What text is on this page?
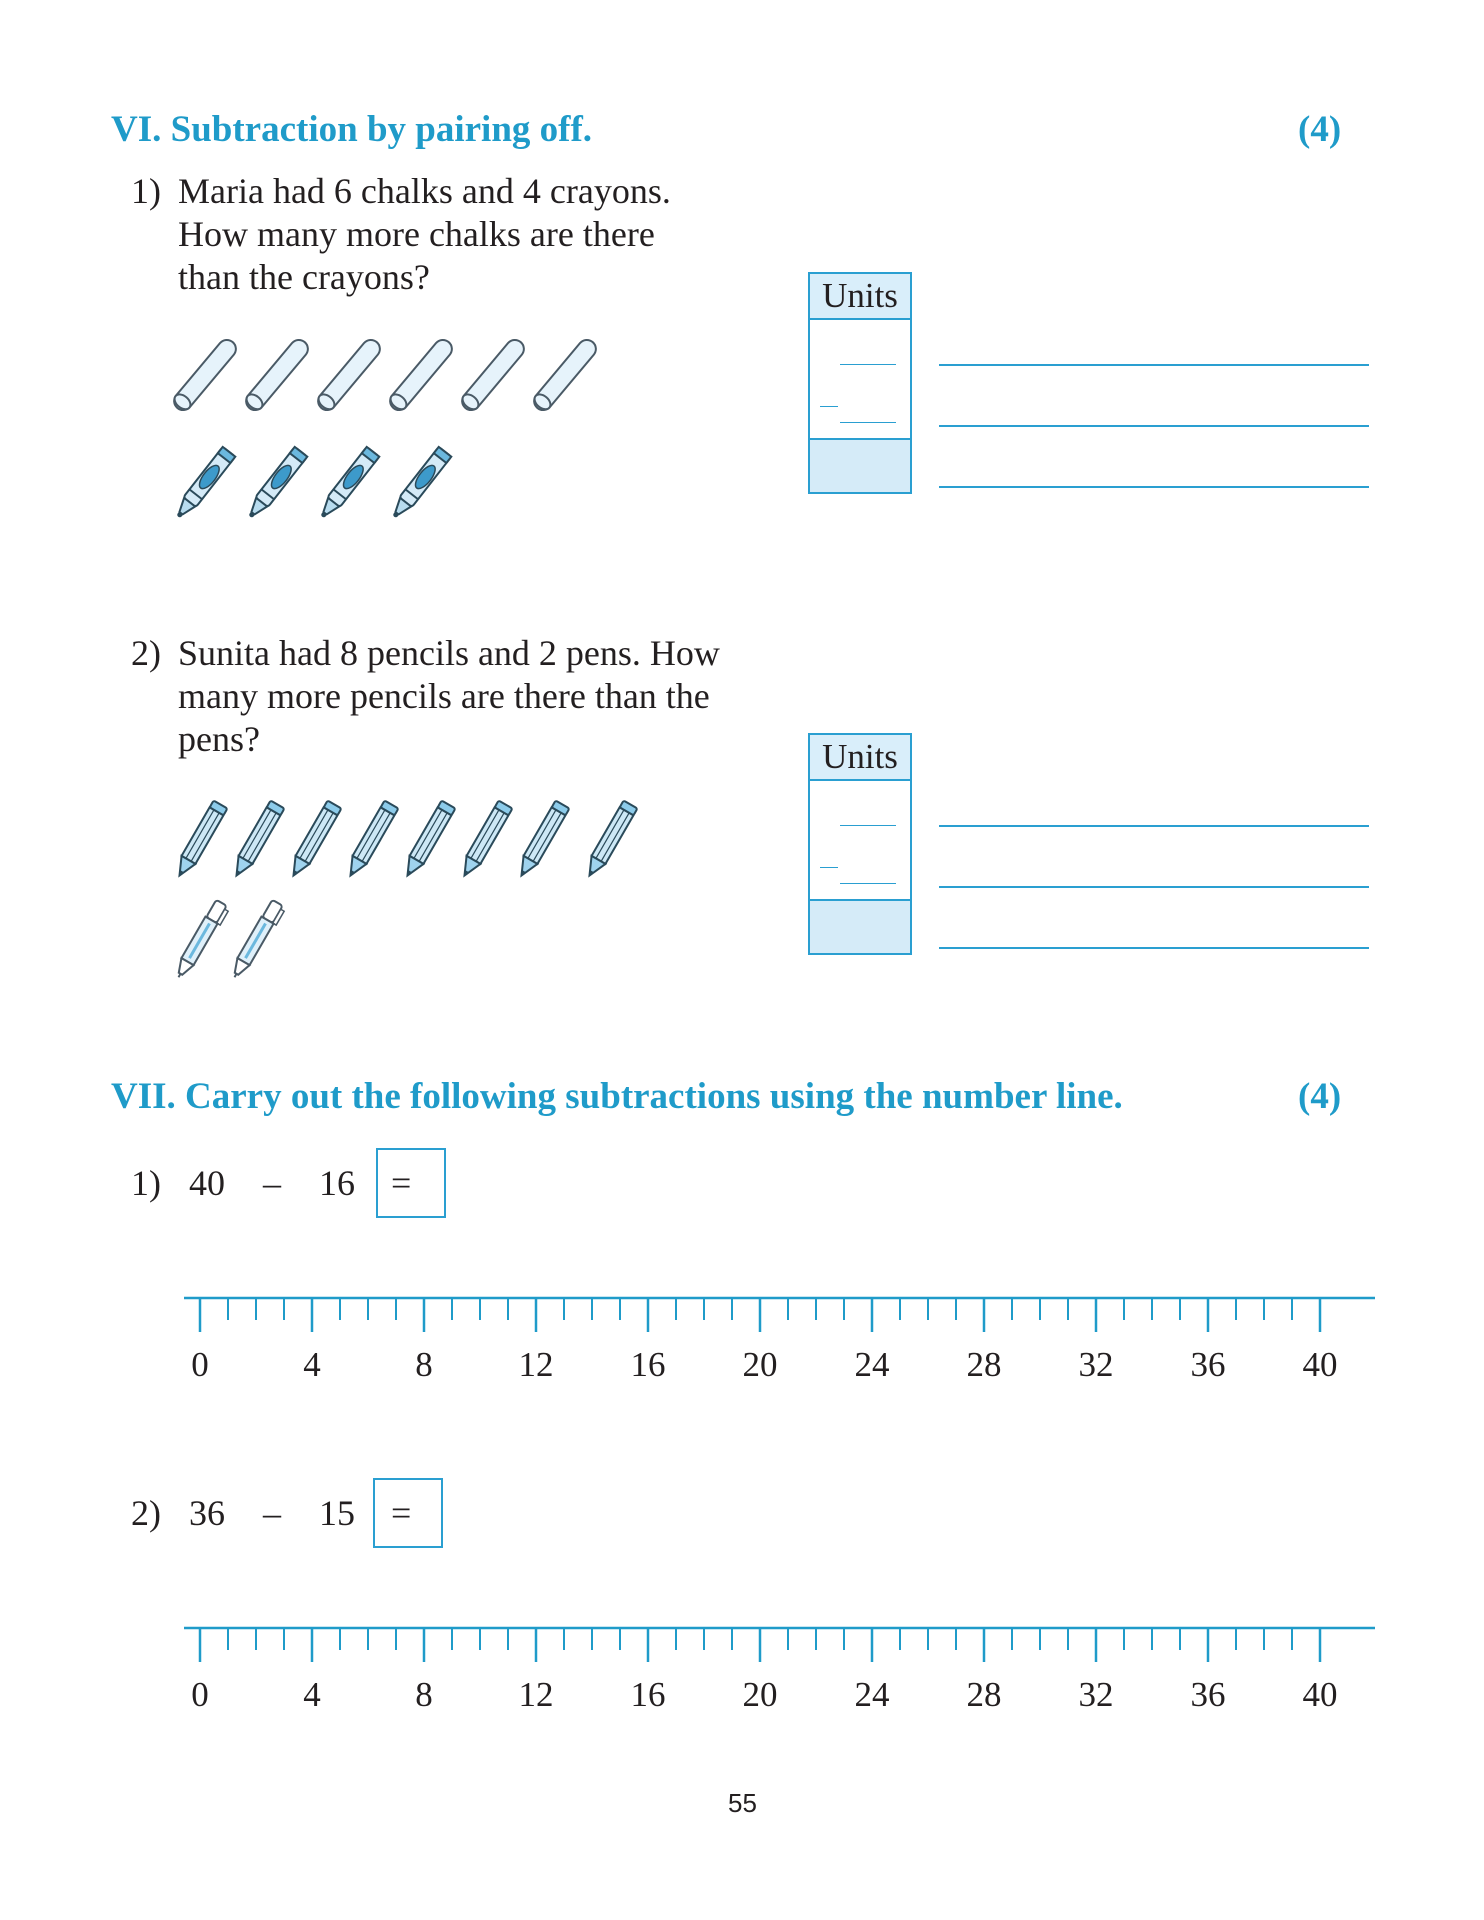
VI. Subtraction by pairing off.	(4)
1) Maria had 6 chalks and 4 crayons.
How many more chalks are there
than the crayons?	Units
2) Sunita had 8 pencils and 2 pens. How
many more pencils are there than the
pens?	Units
VII. Carry out the following subtractions using the number line.	(4)
1) 40 – 16 =
0	4	8 12 16 20 24 28 32 36 40
2) 36 – 15 =
0	4	8 12 16 20 24 28 32 36 40
55
